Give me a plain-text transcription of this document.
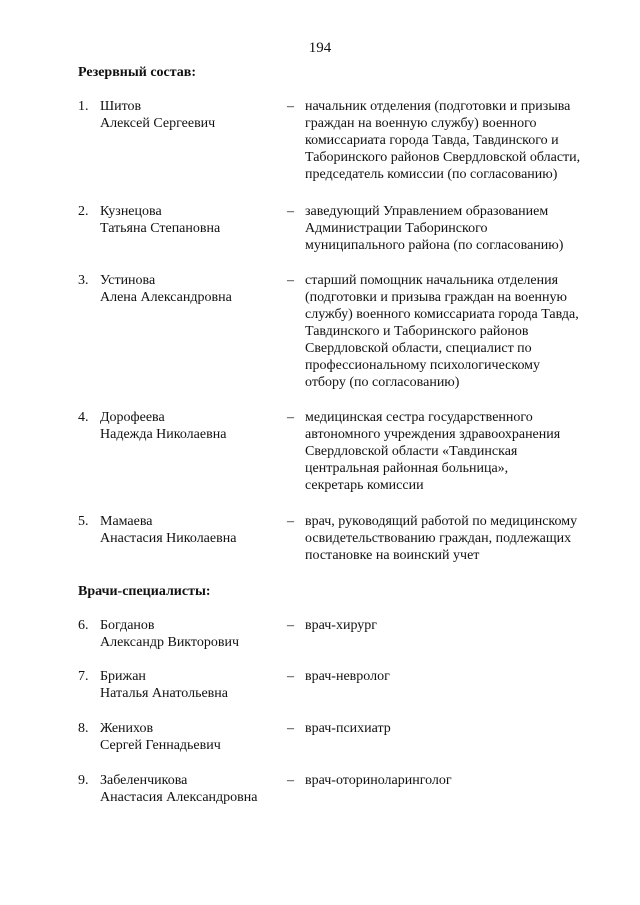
194
Резервный состав:
1. Шитов
Алексей Сергеевич
– начальник отделения (подготовки и призыва
граждан на военную службу) военного
комиссариата города Тавда, Тавдинского и
Таборинского районов Свердловской области,
председатель комиссии (по согласованию)
2. Кузнецова
Татьяна Степановна
– заведующий Управлением образованием
Администрации Таборинского
муниципального района (по согласованию)
3. Устинова
Алена Александровна
– старший помощник начальника отделения
(подготовки и призыва граждан на военную
службу) военного комиссариата города Тавда,
Тавдинского и Таборинского районов
Свердловской области, специалист по
профессиональному психологическому
отбору (по согласованию)
4. Дорофеева
Надежда Николаевна
– медицинская сестра государственного
автономного учреждения здравоохранения
Свердловской области «Тавдинская
центральная районная больница»,
секретарь комиссии
5. Мамаева
Анастасия Николаевна
– врач, руководящий работой по медицинскому
освидетельствованию граждан, подлежащих
постановке на воинский учет
6. Богданов
Александр Викторович
– врач-хирург
7. Брижан
Наталья Анатольевна
– врач-невролог
8. Женихов
Сергей Геннадьевич
– врач-психиатр
9. Забеленчикова
Анастасия Александровна
– врач-оториноларинголог
Врачи-специалисты:
